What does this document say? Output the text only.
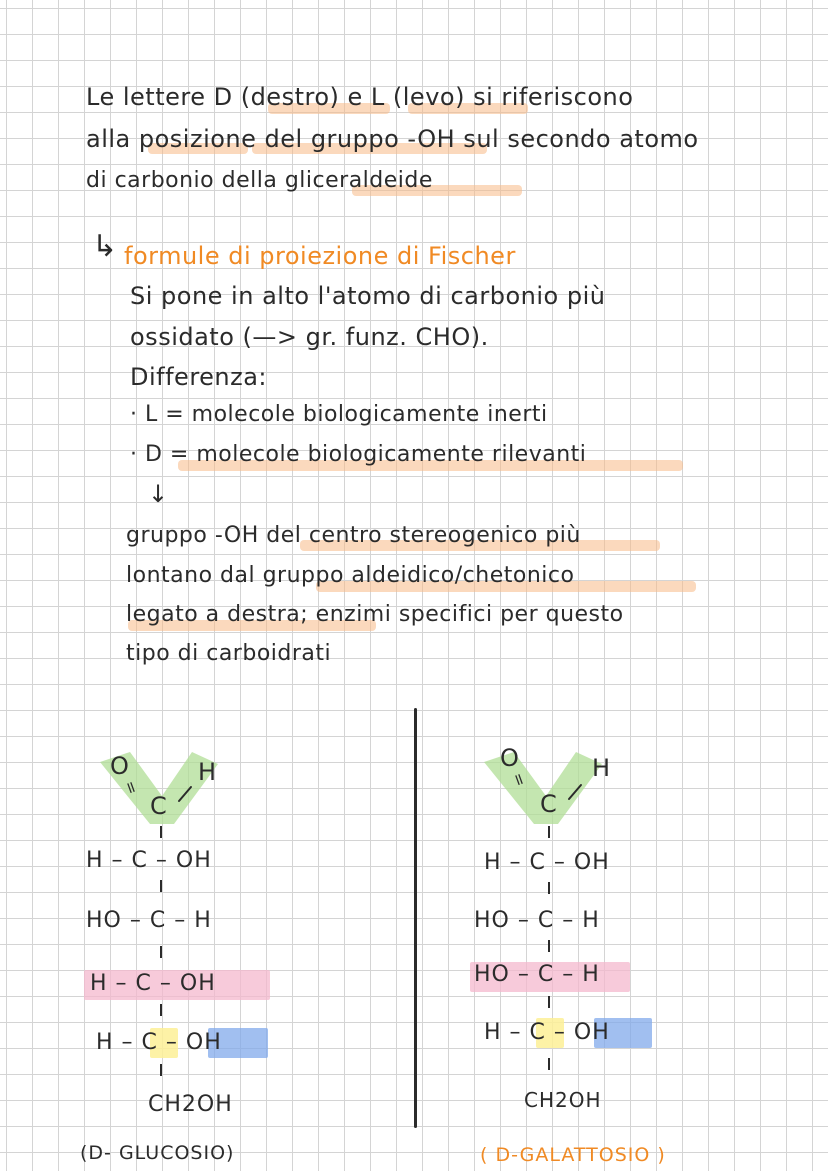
Le lettere D (destro) e L (levo) si riferiscono
alla posizione del gruppo -OH sul secondo atomo
di carbonio della gliceraldeide
↳ formule di proiezione di Fischer
Si pone in alto l'atomo di carbonio più
ossidato (—> gr. funz. CHO).
Differenza:
· L = molecole biologicamente inerti
· D = molecole biologicamente rilevanti
↓
gruppo -OH del centro stereogenico più
lontano dal gruppo aldeidico/chetonico
legato a destra; enzimi specifici per questo
tipo di carboidrati
O
=
H
C
H – C – OH
HO – C – H
H – C – OH
H – C – OH
CH2OH
(D- GLUCOSIO)
O
=	H
C
H – C – OH
HO – C – H
HO – C – H
H – C – OH
CH2OH
( D-GALATTOSIO )
